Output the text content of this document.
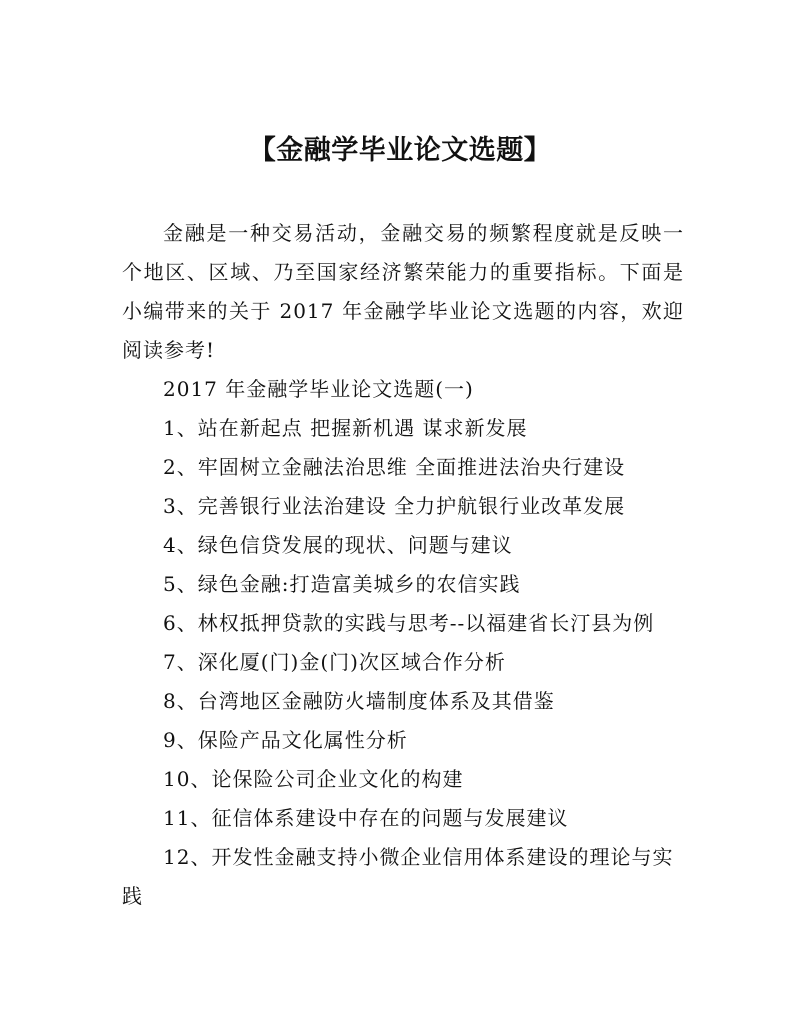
【金融学毕业论文选题】

金融是一种交易活动，金融交易的频繁程度就是反映一个地区、区域、乃至国家经济繁荣能力的重要指标。下面是小编带来的关于 2017 年金融学毕业论文选题的内容，欢迎阅读参考!

2017 年金融学毕业论文选题(一)

1、站在新起点 把握新机遇 谋求新发展
2、牢固树立金融法治思维 全面推进法治央行建设
3、完善银行业法治建设 全力护航银行业改革发展
4、绿色信贷发展的现状、问题与建议
5、绿色金融:打造富美城乡的农信实践
6、林权抵押贷款的实践与思考--以福建省长汀县为例
7、深化厦(门)金(门)次区域合作分析
8、台湾地区金融防火墙制度体系及其借鉴
9、保险产品文化属性分析
10、论保险公司企业文化的构建
11、征信体系建设中存在的问题与发展建议
12、开发性金融支持小微企业信用体系建设的理论与实践
